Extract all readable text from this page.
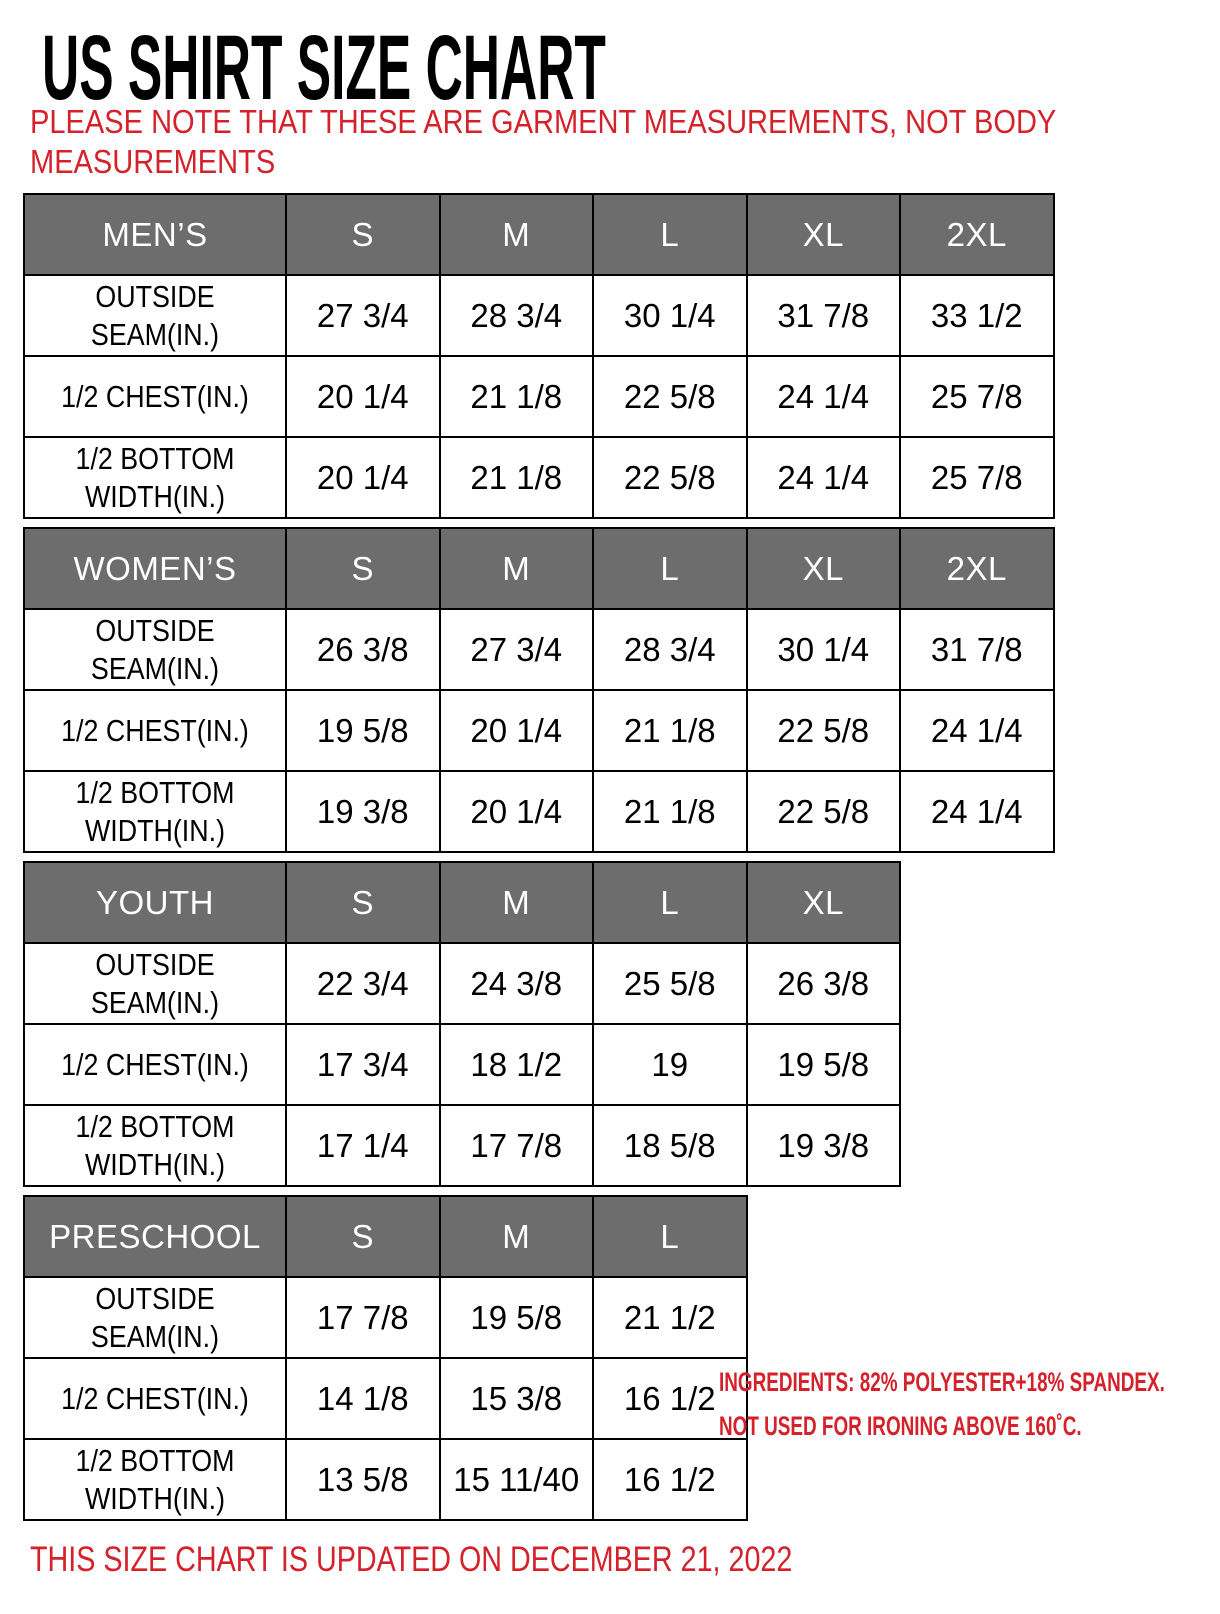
US SHIRT SIZE CHART
PLEASE NOTE THAT THESE ARE GARMENT MEASUREMENTS, NOT BODY MEASUREMENTS
MEN’S	S	M	L	XL	2XL
OUTSIDE SEAM(IN.)	27 3/4	28 3/4	30 1/4	31 7/8	33 1/2
1/2 CHEST(IN.)	20 1/4	21 1/8	22 5/8	24 1/4	25 7/8
1/2 BOTTOM WIDTH(IN.)	20 1/4	21 1/8	22 5/8	24 1/4	25 7/8
WOMEN’S	S	M	L	XL	2XL
OUTSIDE SEAM(IN.)	26 3/8	27 3/4	28 3/4	30 1/4	31 7/8
1/2 CHEST(IN.)	19 5/8	20 1/4	21 1/8	22 5/8	24 1/4
1/2 BOTTOM WIDTH(IN.)	19 3/8	20 1/4	21 1/8	22 5/8	24 1/4
YOUTH	S	M	L	XL
OUTSIDE SEAM(IN.)	22 3/4	24 3/8	25 5/8	26 3/8
1/2 CHEST(IN.)	17 3/4	18 1/2	19	19 5/8
1/2 BOTTOM WIDTH(IN.)	17 1/4	17 7/8	18 5/8	19 3/8
PRESCHOOL	S	M	L
OUTSIDE SEAM(IN.)	17 7/8	19 5/8	21 1/2
1/2 CHEST(IN.)	14 1/8	15 3/8	16 1/2
1/2 BOTTOM WIDTH(IN.)	13 5/8	15 11/40	16 1/2
INGREDIENTS: 82% POLYESTER+18% SPANDEX.
NOT USED FOR IRONING ABOVE 160˚C.
THIS SIZE CHART IS UPDATED ON DECEMBER 21, 2022
